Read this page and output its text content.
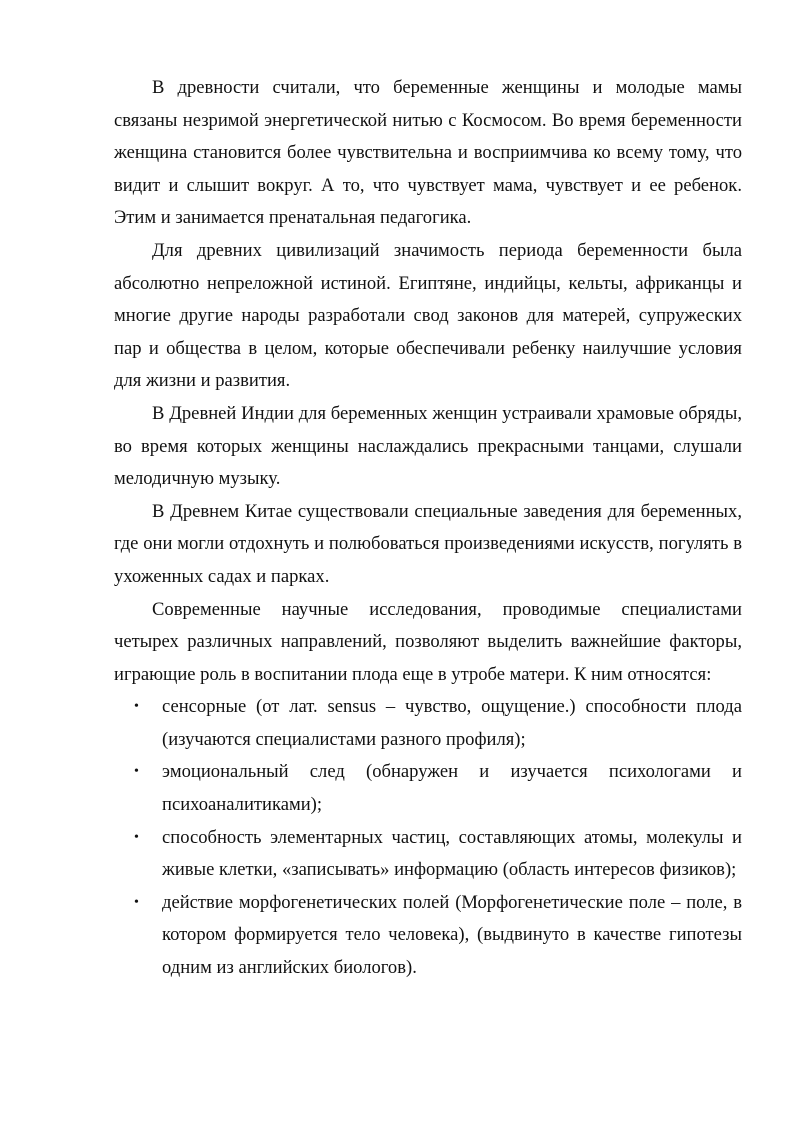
В древности считали, что беременные женщины и молодые мамы связаны незримой энергетической нитью с Космосом. Во время беременности женщина становится более чувствительна и восприимчива ко всему тому, что видит и слышит вокруг. А то, что чувствует мама, чувствует и ее ребенок. Этим и занимается пренатальная педагогика.

Для древних цивилизаций значимость периода беременности была абсолютно непреложной истиной. Египтяне, индийцы, кельты, африканцы и многие другие народы разработали свод законов для матерей, супружеских пар и общества в целом, которые обеспечивали ребенку наилучшие условия для жизни и развития.

В Древней Индии для беременных женщин устраивали храмовые обряды, во время которых женщины наслаждались прекрасными танцами, слушали мелодичную музыку.

В Древнем Китае существовали специальные заведения для беременных, где они могли отдохнуть и полюбоваться произведениями искусств, погулять в ухоженных садах и парках.

Современные научные исследования, проводимые специалистами четырех различных направлений, позволяют выделить важнейшие факторы, играющие роль в воспитании плода еще в утробе матери. К ним относятся:

• сенсорные (от лат. sensus – чувство, ощущение.) способности плода (изучаются специалистами разного профиля);
• эмоциональный след (обнаружен и изучается психологами и психоаналитиками);
• способность элементарных частиц, составляющих атомы, молекулы и живые клетки, «записывать» информацию (область интересов физиков);
• действие морфогенетических полей (Морфогенетические поле – поле, в котором формируется тело человека), (выдвинуто в качестве гипотезы одним из английских биологов).
